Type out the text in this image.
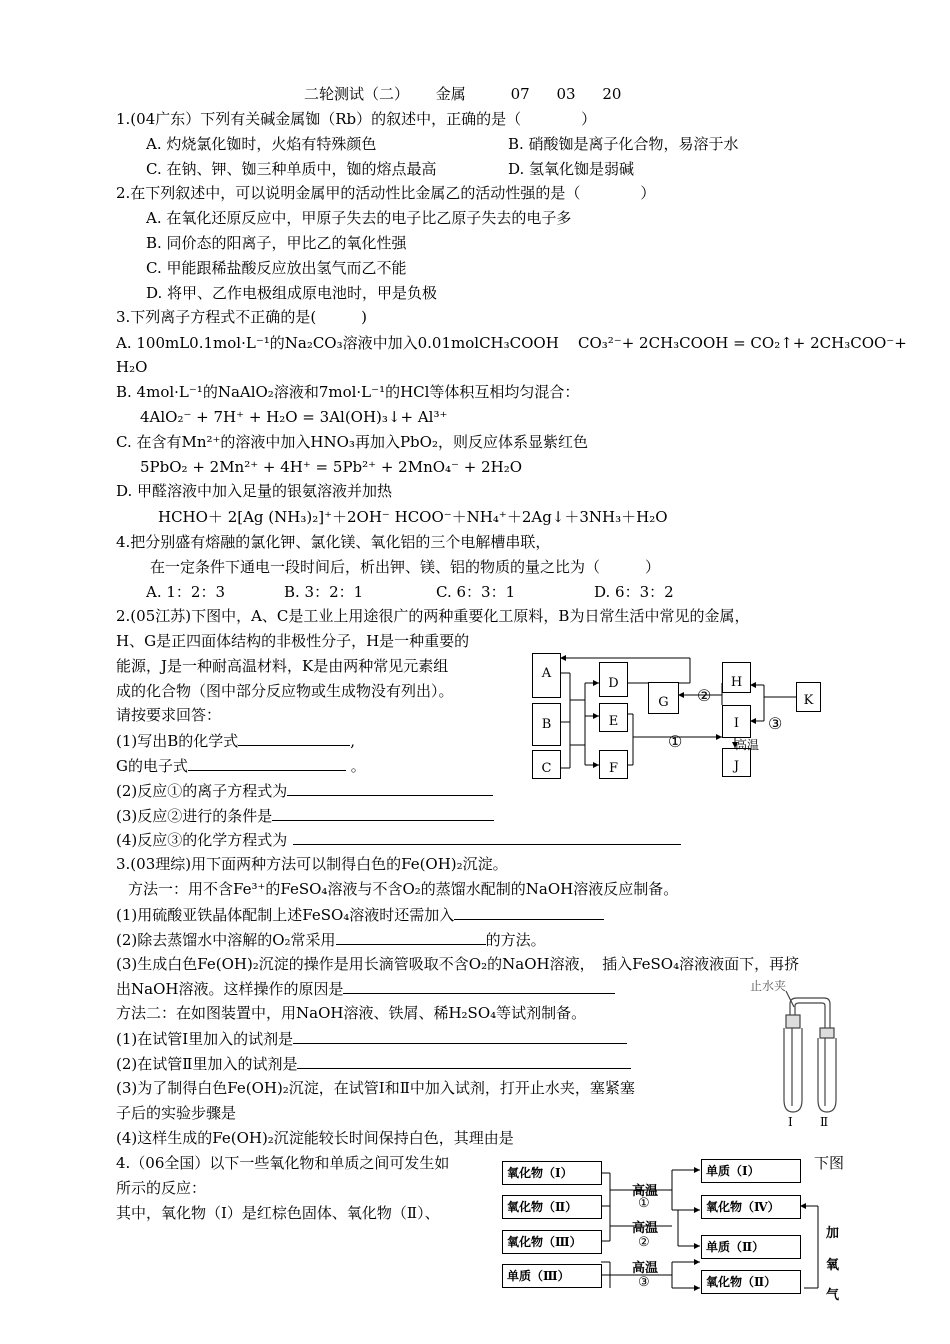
二轮测试（二） 金属	07 03 20
1.(04广东）下列有关碱金属铷（Rb）的叙述中，正确的是（　　　　）
A. 灼烧氯化铷时，火焰有特殊颜色	B. 硝酸铷是离子化合物，易溶于水
C. 在钠、钾、铷三种单质中，铷的熔点最高	D. 氢氧化铷是弱碱
2.在下列叙述中，可以说明金属甲的活动性比金属乙的活动性强的是（　　　　）
A. 在氧化还原反应中，甲原子失去的电子比乙原子失去的电子多
B. 同价态的阳离子，甲比乙的氧化性强
C. 甲能跟稀盐酸反应放出氢气而乙不能
D. 将甲、乙作电极组成原电池时，甲是负极
3.下列离子方程式不正确的是(　　　)
A. 100mL0.1mol·L⁻¹的Na₂CO₃溶液中加入0.01molCH₃COOH CO₃²⁻+ 2CH₃COOH = CO₂↑+ 2CH₃COO⁻+
H₂O
B. 4mol·L⁻¹的NaAlO₂溶液和7mol·L⁻¹的HCl等体积互相均匀混合：
4AlO₂⁻ + 7H⁺ + H₂O = 3Al(OH)₃↓+ Al³⁺
C. 在含有Mn²⁺的溶液中加入HNO₃再加入PbO₂，则反应体系显紫红色
5PbO₂ + 2Mn²⁺ + 4H⁺ = 5Pb²⁺ + 2MnO₄⁻ + 2H₂O
D. 甲醛溶液中加入足量的银氨溶液并加热
HCHO＋ 2[Ag (NH₃)₂]⁺＋2OH⁻ HCOO⁻＋NH₄⁺＋2Ag↓＋3NH₃＋H₂O
4.把分别盛有熔融的氯化钾、氯化镁、氧化铝的三个电解槽串联，
在一定条件下通电一段时间后，析出钾、镁、铝的物质的量之比为（　　　）
A. 1：2：3	B. 3：2：1	C. 6：3：1	D. 6：3：2
2.(05江苏)下图中，A、C是工业上用途很广的两种重要化工原料，B为日常生活中常见的金属，
H、G是正四面体结构的非极性分子，H是一种重要的
能源，J是一种耐高温材料，K是由两种常见元素组
成的化合物（图中部分反应物或生成物没有列出）。
请按要求回答：
(1)写出B的化学式	,
G的电子式	。
(2)反应①的离子方程式为
(3)反应②进行的条件是
(4)反应③的化学方程式为
A
B
C
D
E
F
G
H
I
J
K
②
③
①	高温
3.(03理综)用下面两种方法可以制得白色的Fe(OH)₂沉淀。
方法一：用不含Fe³⁺的FeSO₄溶液与不含O₂的蒸馏水配制的NaOH溶液反应制备。
(1)用硫酸亚铁晶体配制上述FeSO₄溶液时还需加入
(2)除去蒸馏水中溶解的O₂常采用	的方法。
(3)生成白色Fe(OH)₂沉淀的操作是用长滴管吸取不含O₂的NaOH溶液，　插入FeSO₄溶液液面下，再挤
出NaOH溶液。这样操作的原因是
方法二：在如图装置中，用NaOH溶液、铁屑、稀H₂SO₄等试剂制备。
(1)在试管Ⅰ里加入的试剂是
(2)在试管Ⅱ里加入的试剂是
(3)为了制得白色Fe(OH)₂沉淀，在试管Ⅰ和Ⅱ中加入试剂，打开止水夹，塞紧塞
子后的实验步骤是
(4)这样生成的Fe(OH)₂沉淀能较长时间保持白色，其理由是
止水夹
Ⅰ Ⅱ
4.（06全国）以下一些氧化物和单质之间可发生如	下图
所示的反应：
其中，氧化物（Ⅰ）是红棕色固体、氧化物（Ⅱ）、
氧化物（Ⅰ）
氧化物（Ⅱ）
氧化物（Ⅲ）
单质（Ⅲ）
单质（Ⅰ）
氧化物（Ⅳ）
单质（Ⅱ）
氧化物（Ⅱ）
高温
①
高温
②
高温
③
加
氧
气
